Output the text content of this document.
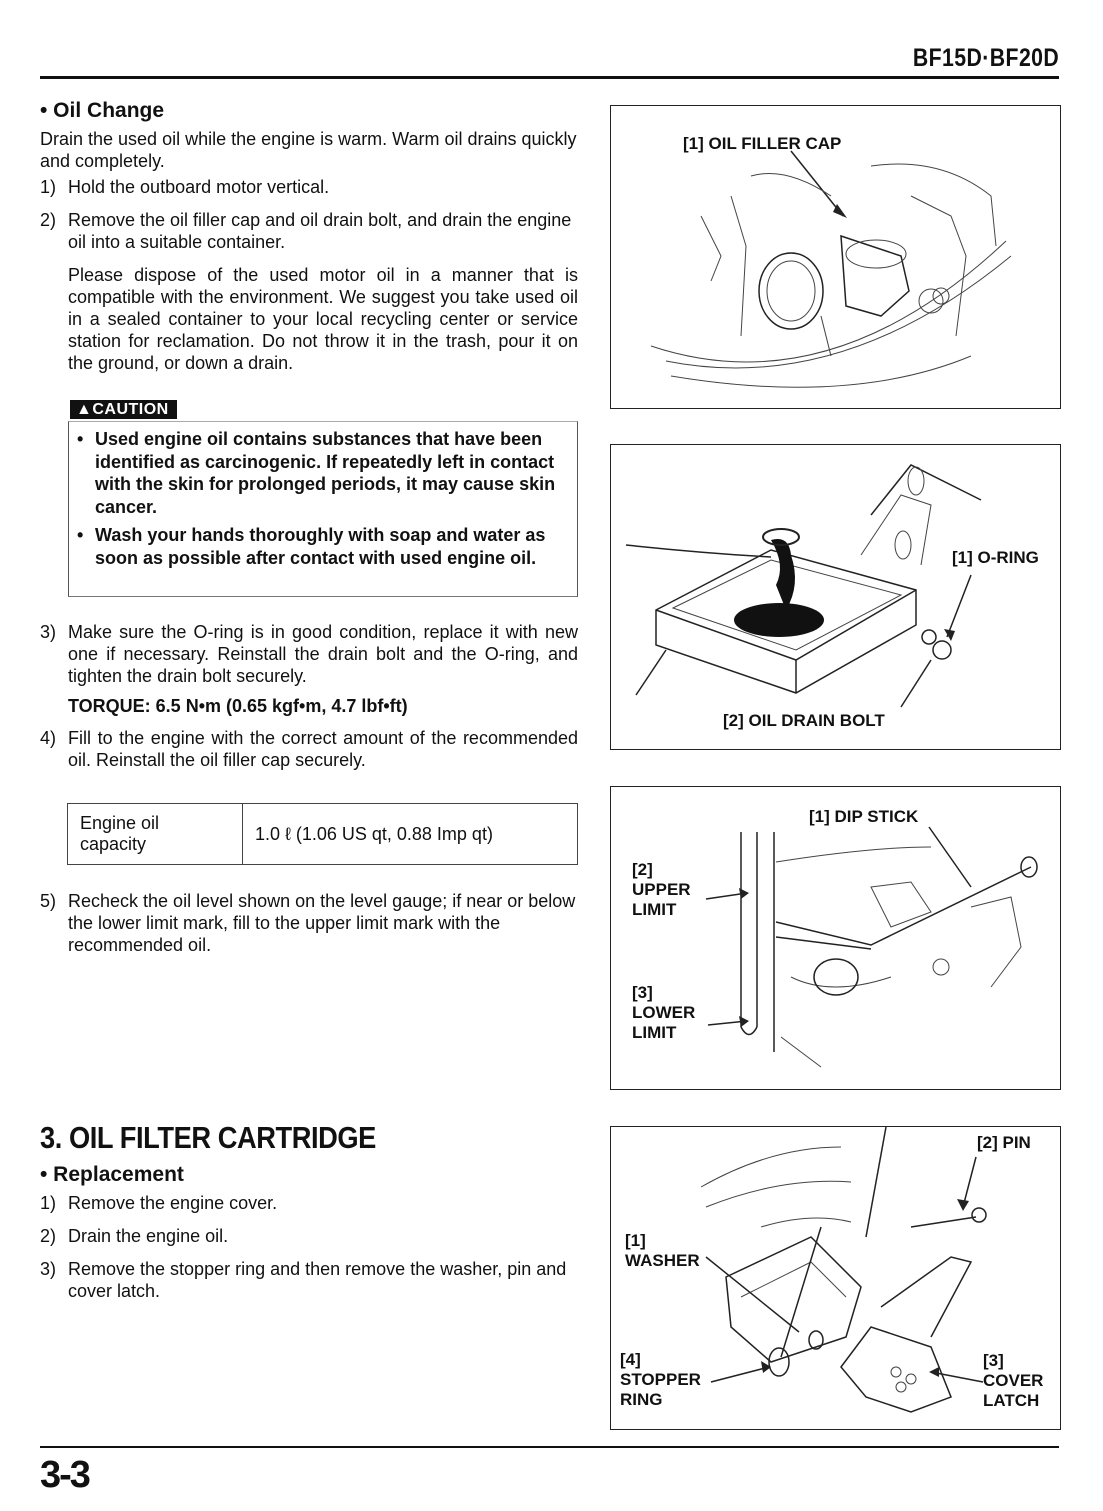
BF15D·BF20D

• Oil Change

Drain the used oil while the engine is warm. Warm oil drains quickly and completely.

1) Hold the outboard motor vertical.
2) Remove the oil filler cap and oil drain bolt, and drain the engine oil into a suitable container.

Please dispose of the used motor oil in a manner that is compatible with the environment. We suggest you take used oil in a sealed container to your local recycling center or service station for reclamation. Do not throw it in the trash, pour it on the ground, or down a drain.

▲CAUTION
• Used engine oil contains substances that have been identified as carcinogenic. If repeatedly left in contact with the skin for prolonged periods, it may cause skin cancer.
• Wash your hands thoroughly with soap and water as soon as possible after contact with used engine oil.
3) Make sure the O-ring is in good condition, replace it with new one if necessary. Reinstall the drain bolt and the O-ring, and tighten the drain bolt securely.

TORQUE: 6.5 N•m (0.65 kgf•m, 4.7 lbf•ft)

4) Fill to the engine with the correct amount of the recommended oil. Reinstall the oil filler cap securely.
Engine oil capacity	1.0 ℓ (1.06 US qt, 0.88 Imp qt)
5) Recheck the oil level shown on the level gauge; if near or below the lower limit mark, fill to the upper limit mark with the recommended oil.
3. OIL FILTER CARTRIDGE

• Replacement

1) Remove the engine cover.
2) Drain the engine oil.
3) Remove the stopper ring and then remove the washer, pin and cover latch.
[1] OIL FILLER CAP
[1] O-RING
[2] OIL DRAIN BOLT
[1] DIP STICK
[2]
UPPER
LIMIT
[3]
LOWER
LIMIT
[2] PIN
[1]
WASHER
[4]
STOPPER
RING
[3]
COVER
LATCH
3-3
